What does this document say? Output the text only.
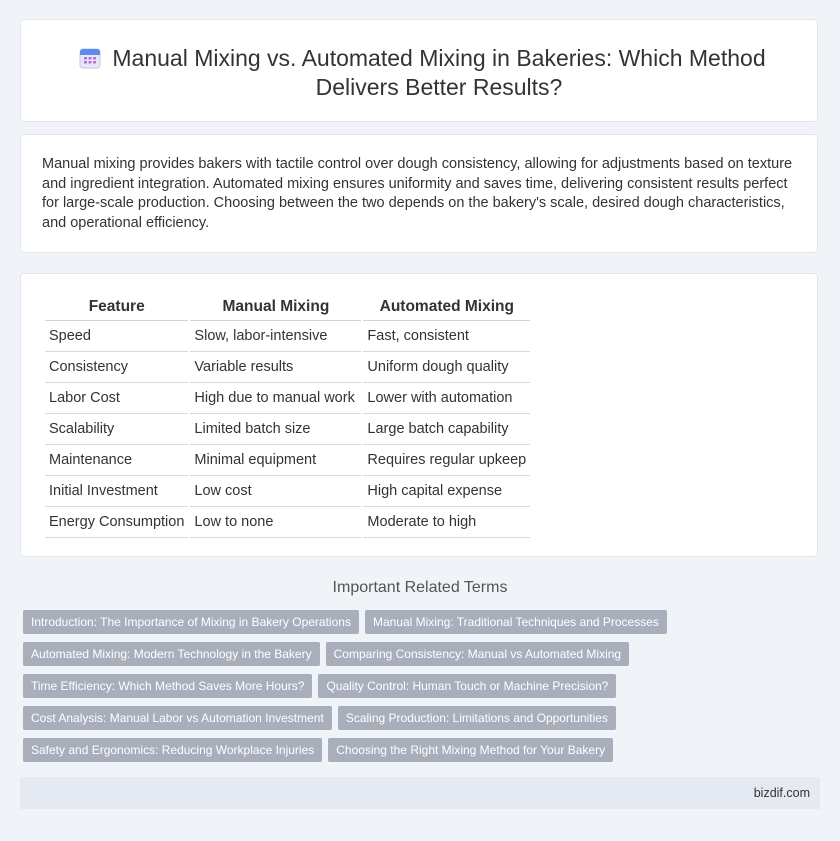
Manual Mixing vs. Automated Mixing in Bakeries: Which Method Delivers Better Results?
Manual mixing provides bakers with tactile control over dough consistency, allowing for adjustments based on texture and ingredient integration. Automated mixing ensures uniformity and saves time, delivering consistent results perfect for large-scale production. Choosing between the two depends on the bakery's scale, desired dough characteristics, and operational efficiency.
Feature	Manual Mixing	Automated Mixing
Speed	Slow, labor-intensive	Fast, consistent
Consistency	Variable results	Uniform dough quality
Labor Cost	High due to manual work	Lower with automation
Scalability	Limited batch size	Large batch capability
Maintenance	Minimal equipment	Requires regular upkeep
Initial Investment	Low cost	High capital expense
Energy Consumption	Low to none	Moderate to high
Important Related Terms
Introduction: The Importance of Mixing in Bakery Operations Manual Mixing: Traditional Techniques and Processes
Automated Mixing: Modern Technology in the Bakery Comparing Consistency: Manual vs Automated Mixing
Time Efficiency: Which Method Saves More Hours? Quality Control: Human Touch or Machine Precision?
Cost Analysis: Manual Labor vs Automation Investment Scaling Production: Limitations and Opportunities
Safety and Ergonomics: Reducing Workplace Injuries Choosing the Right Mixing Method for Your Bakery
bizdif.com
